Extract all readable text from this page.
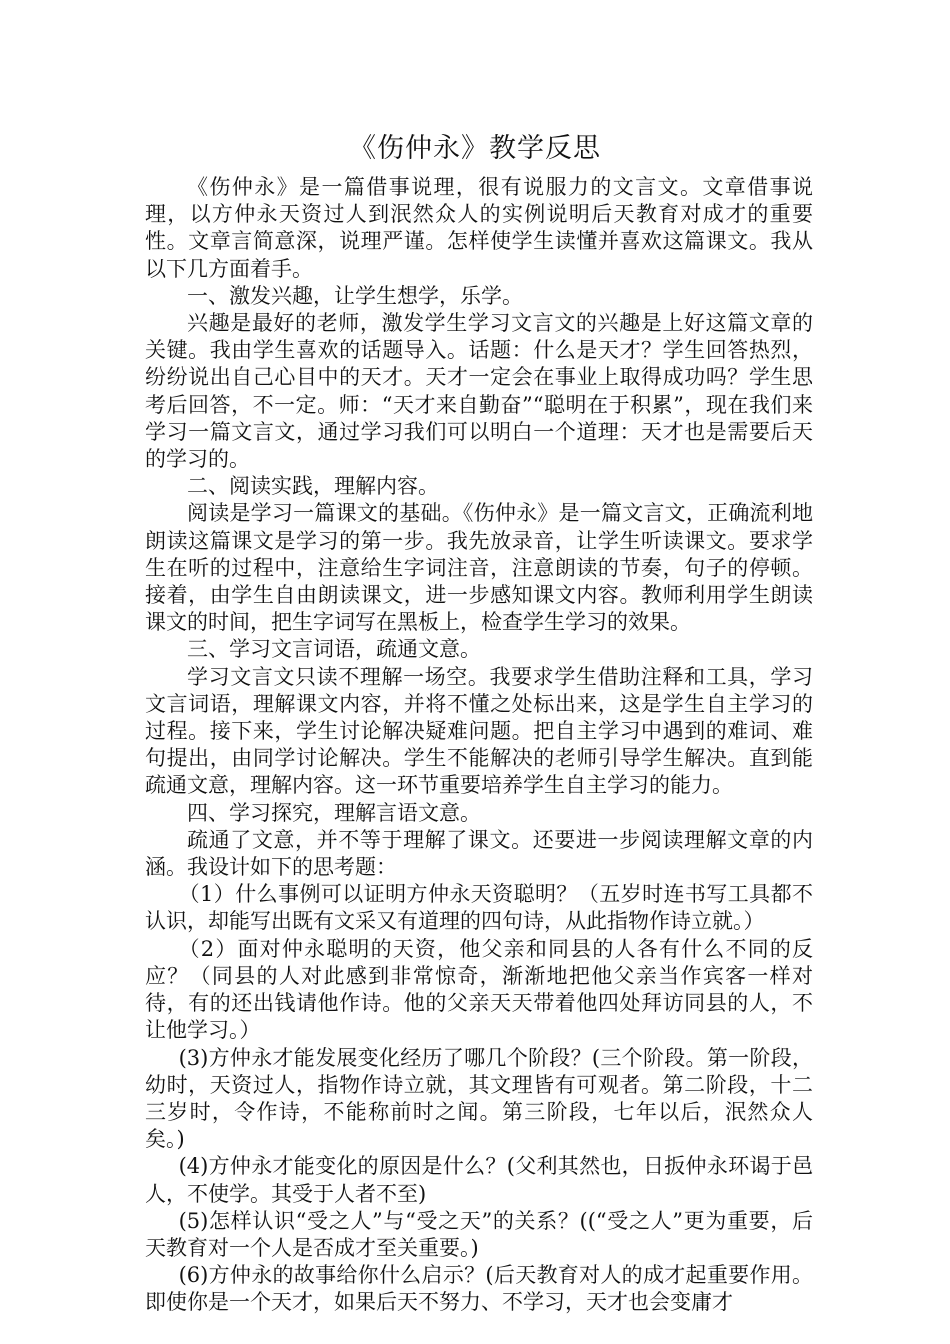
《伤仲永》教学反思

《伤仲永》是一篇借事说理，很有说服力的文言文。文章借事说理，以方仲永天资过人到泯然众人的实例说明后天教育对成才的重要性。文章言简意深，说理严谨。怎样使学生读懂并喜欢这篇课文。我从以下几方面着手。

一、激发兴趣，让学生想学，乐学。

兴趣是最好的老师，激发学生学习文言文的兴趣是上好这篇文章的关键。我由学生喜欢的话题导入。话题：什么是天才？学生回答热烈，纷纷说出自己心目中的天才。天才一定会在事业上取得成功吗？学生思考后回答，不一定。师：“天才来自勤奋”“聪明在于积累”，现在我们来学习一篇文言文，通过学习我们可以明白一个道理：天才也是需要后天的学习的。

二、阅读实践，理解内容。

阅读是学习一篇课文的基础。《伤仲永》是一篇文言文，正确流利地朗读这篇课文是学习的第一步。我先放录音，让学生听读课文。要求学生在听的过程中，注意给生字词注音，注意朗读的节奏，句子的停顿。接着，由学生自由朗读课文，进一步感知课文内容。教师利用学生朗读课文的时间，把生字词写在黑板上，检查学生学习的效果。

三、学习文言词语，疏通文意。

学习文言文只读不理解一场空。我要求学生借助注释和工具，学习文言词语，理解课文内容，并将不懂之处标出来，这是学生自主学习的过程。接下来，学生讨论解决疑难问题。把自主学习中遇到的难词、难句提出，由同学讨论解决。学生不能解决的老师引导学生解决。直到能疏通文意，理解内容。这一环节重要培养学生自主学习的能力。

四、学习探究，理解言语文意。

疏通了文意，并不等于理解了课文。还要进一步阅读理解文章的内涵。我设计如下的思考题：

（1）什么事例可以证明方仲永天资聪明？（五岁时连书写工具都不认识，却能写出既有文采又有道理的四句诗，从此指物作诗立就。）

（2）面对仲永聪明的天资，他父亲和同县的人各有什么不同的反应？（同县的人对此感到非常惊奇，渐渐地把他父亲当作宾客一样对待，有的还出钱请他作诗。他的父亲天天带着他四处拜访同县的人，不让他学习。）

(3)方仲永才能发展变化经历了哪几个阶段？(三个阶段。第一阶段，幼时，天资过人，指物作诗立就，其文理皆有可观者。第二阶段，十二三岁时，令作诗，不能称前时之闻。第三阶段，七年以后，泯然众人矣。)

(4)方仲永才能变化的原因是什么？(父利其然也，日扳仲永环谒于邑人，不使学。其受于人者不至)

(5)怎样认识“受之人”与“受之天”的关系？((“受之人”更为重要，后天教育对一个人是否成才至关重要。)

(6)方仲永的故事给你什么启示？(后天教育对人的成才起重要作用。即使你是一个天才，如果后天不努力、不学习，天才也会变庸才
